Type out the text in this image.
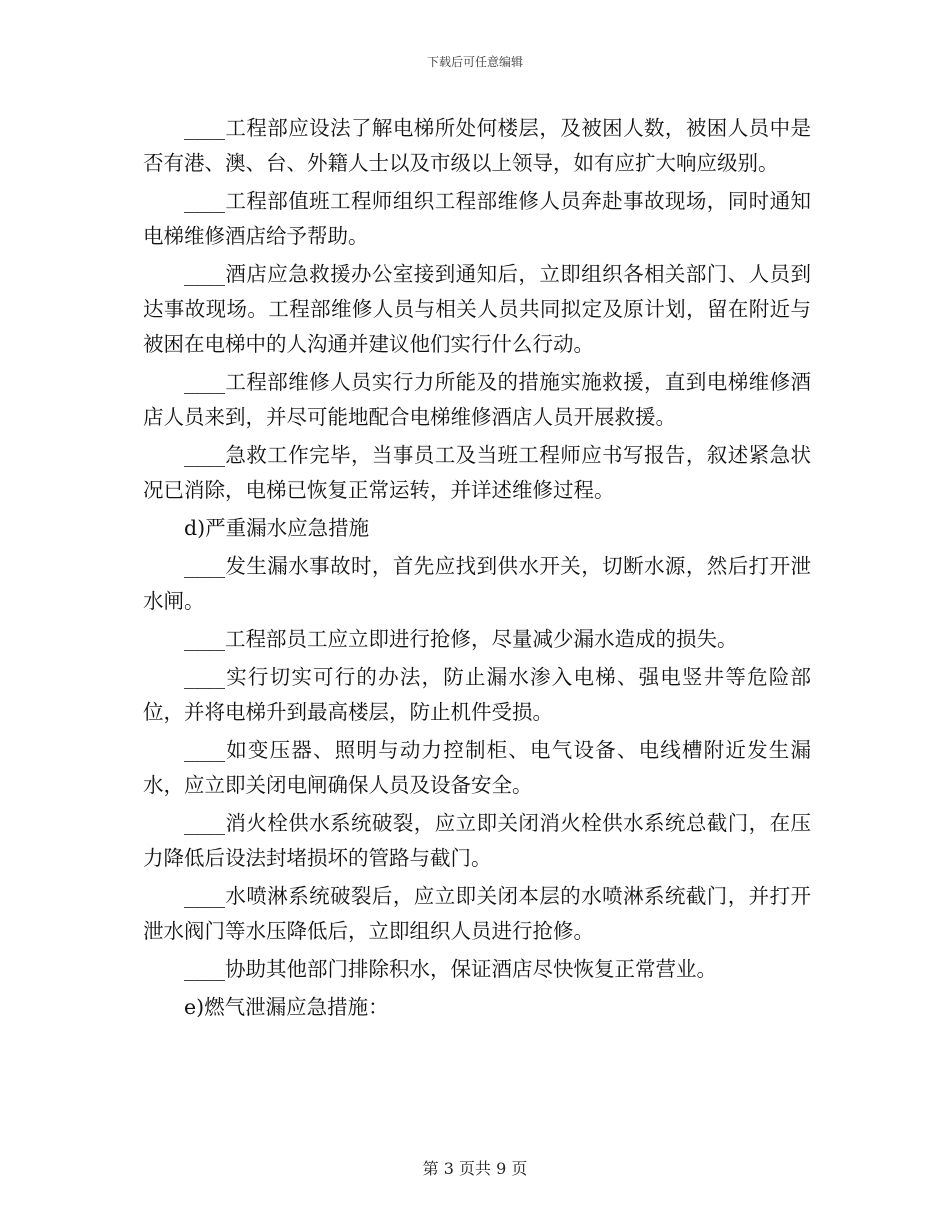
下载后可任意编辑

____工程部应设法了解电梯所处何楼层，及被困人数，被困人员中是否有港、澳、台、外籍人士以及市级以上领导，如有应扩大响应级别。

____工程部值班工程师组织工程部维修人员奔赴事故现场，同时通知电梯维修酒店给予帮助。

____酒店应急救援办公室接到通知后，立即组织各相关部门、人员到达事故现场。工程部维修人员与相关人员共同拟定及原计划，留在附近与被困在电梯中的人沟通并建议他们实行什么行动。

____工程部维修人员实行力所能及的措施实施救援，直到电梯维修酒店人员来到，并尽可能地配合电梯维修酒店人员开展救援。

____急救工作完毕，当事员工及当班工程师应书写报告，叙述紧急状况已消除，电梯已恢复正常运转，并详述维修过程。

d)严重漏水应急措施

____发生漏水事故时，首先应找到供水开关，切断水源，然后打开泄水闸。

____工程部员工应立即进行抢修，尽量减少漏水造成的损失。

____实行切实可行的办法，防止漏水渗入电梯、强电竖井等危险部位，并将电梯升到最高楼层，防止机件受损。

____如变压器、照明与动力控制柜、电气设备、电线槽附近发生漏水，应立即关闭电闸确保人员及设备安全。

____消火栓供水系统破裂，应立即关闭消火栓供水系统总截门，在压力降低后设法封堵损坏的管路与截门。

____水喷淋系统破裂后，应立即关闭本层的水喷淋系统截门，并打开泄水阀门等水压降低后，立即组织人员进行抢修。

____协助其他部门排除积水，保证酒店尽快恢复正常营业。

e)燃气泄漏应急措施：

第 3 页共 9 页
